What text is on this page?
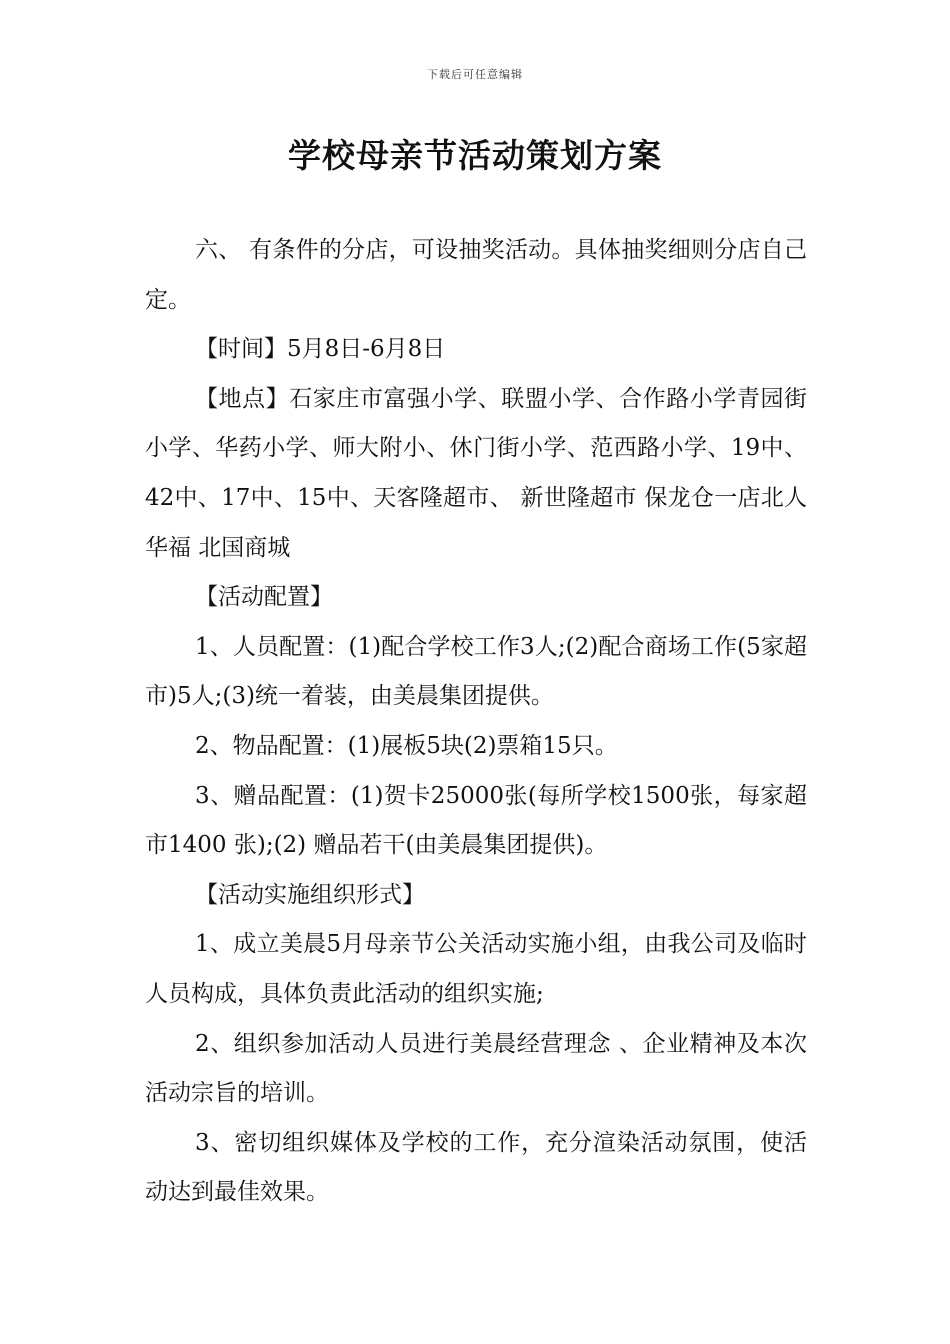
下载后可任意编辑
学校母亲节活动策划方案

六、 有条件的分店，可设抽奖活动。具体抽奖细则分店自己定。

【时间】5月8日-6月8日

【地点】石家庄市富强小学、联盟小学、合作路小学青园街小学、华药小学、师大附小、休门街小学、范西路小学、19中、42中、17中、15中、天客隆超市、 新世隆超市 保龙仓一店北人华福 北国商城

【活动配置】

1、人员配置：(1)配合学校工作3人;(2)配合商场工作(5家超市)5人;(3)统一着装，由美晨集团提供。

2、物品配置：(1)展板5块(2)票箱15只。

3、赠品配置：(1)贺卡25000张(每所学校1500张，每家超市1400 张);(2) 赠品若干(由美晨集团提供)。

【活动实施组织形式】

1、成立美晨5月母亲节公关活动实施小组，由我公司及临时人员构成，具体负责此活动的组织实施;

2、组织参加活动人员进行美晨经营理念 、企业精神及本次活动宗旨的培训。

3、密切组织媒体及学校的工作，充分渲染活动氛围，使活动达到最佳效果。
